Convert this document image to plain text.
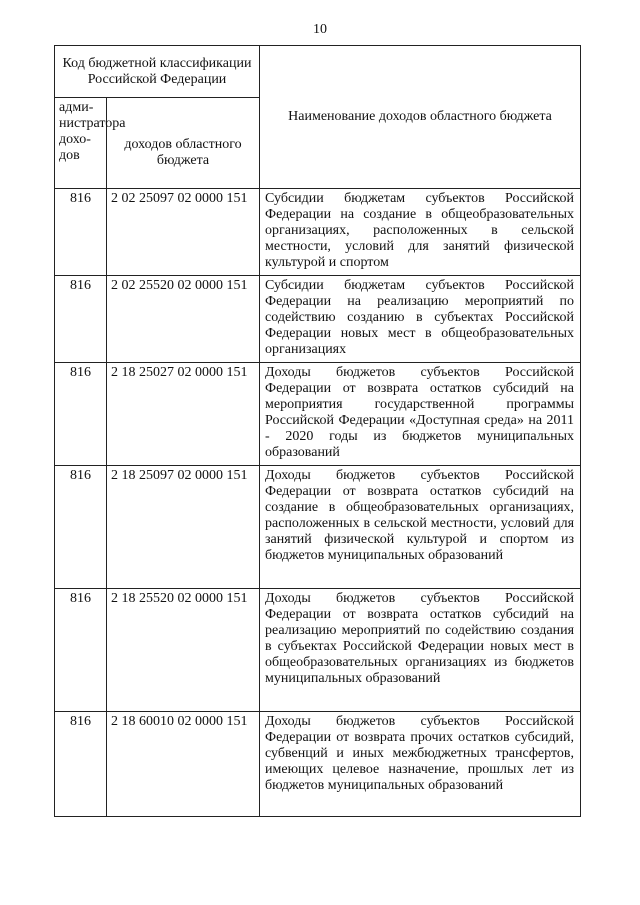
10
Код бюджетной классификации Российской Федерации		Наименование доходов областного бюджета
адми-нистратора дохо-дов	доходов областного бюджета	
816	2 02 25097 02 0000 151	Субсидии бюджетам субъектов Российской Федерации на создание в общеобразовательных организациях, расположенных в сельской местности, условий для занятий физической культурой и спортом
816	2 02 25520 02 0000 151	Субсидии бюджетам субъектов Российской Федерации на реализацию мероприятий по содействию созданию в субъектах Российской Федерации новых мест в общеобразовательных организациях
816	2 18 25027 02 0000 151	Доходы бюджетов субъектов Российской Федерации от возврата остатков субсидий на мероприятия государственной программы Российской Федерации «Доступная среда» на 2011 - 2020 годы из бюджетов муниципальных образований
816	2 18 25097 02 0000 151	Доходы бюджетов субъектов Российской Федерации от возврата остатков субсидий на создание в общеобразовательных организациях, расположенных в сельской местности, условий для занятий физической культурой и спортом из бюджетов муниципальных образований
816	2 18 25520 02 0000 151	Доходы бюджетов субъектов Российской Федерации от возврата остатков субсидий на реализацию мероприятий по содействию создания в субъектах Российской Федерации новых мест в общеобразовательных организациях из бюджетов муниципальных образований
816	2 18 60010 02 0000 151	Доходы бюджетов субъектов Российской Федерации от возврата прочих остатков субсидий, субвенций и иных межбюджетных трансфертов, имеющих целевое назначение, прошлых лет из бюджетов муниципальных образований
